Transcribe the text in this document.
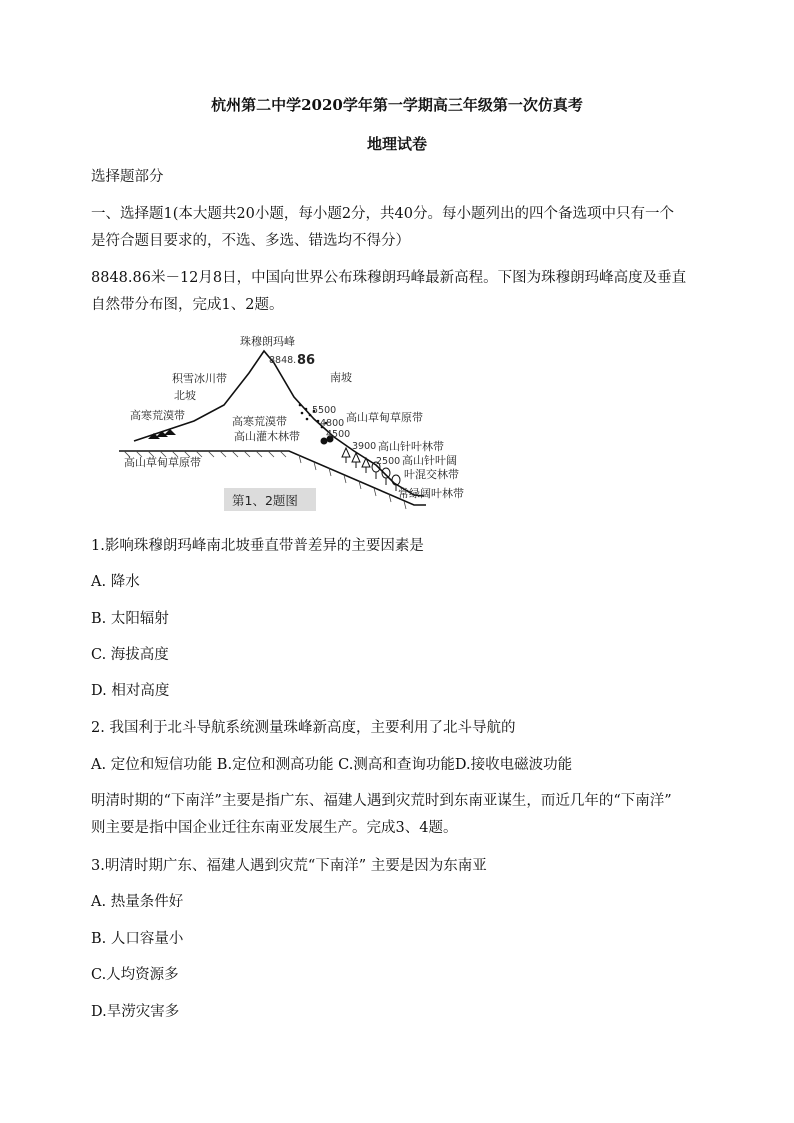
杭州第二中学2020学年第一学期高三年级第一次仿真考
地理试卷
选择题部分
一、选择题1(本大题共20小题，每小题2分，共40分。每小题列出的四个备选项中只有一个
是符合题目要求的，不选、多选、错选均不得分）
8848.86米－12月8日，中国向世界公布珠穆朗玛峰最新高程。下图为珠穆朗玛峰高度及垂直
自然带分布图，完成1、2题。
珠穆朗玛峰
8848. 86
南坡
积雪冰川带
北坡
高寒荒漠带
高山草甸草原带
高寒荒漠带
高山灌木林带
5500
高山草甸草原带
4800
4500
3900 高山针叶林带
2500 高山针叶阔
叶混交林带
常绿阔叶林带
第1、2题图
1.影响珠穆朗玛峰南北坡垂直带普差异的主要因素是
A. 降水
B. 太阳辐射
C. 海拔高度
D. 相对高度
2. 我国利于北斗导航系统测量珠峰新高度，主要利用了北斗导航的
A. 定位和短信功能 B.定位和测高功能 C.测高和查询功能D.接收电磁波功能
明清时期的“下南洋”主要是指广东、福建人遇到灾荒时到东南亚谋生，而近几年的“下南洋”
则主要是指中国企业迁往东南亚发展生产。完成3、4题。
3.明清时期广东、福建人遇到灾荒“下南洋” 主要是因为东南亚
A. 热量条件好
B. 人口容量小
C.人均资源多
D.旱涝灾害多
